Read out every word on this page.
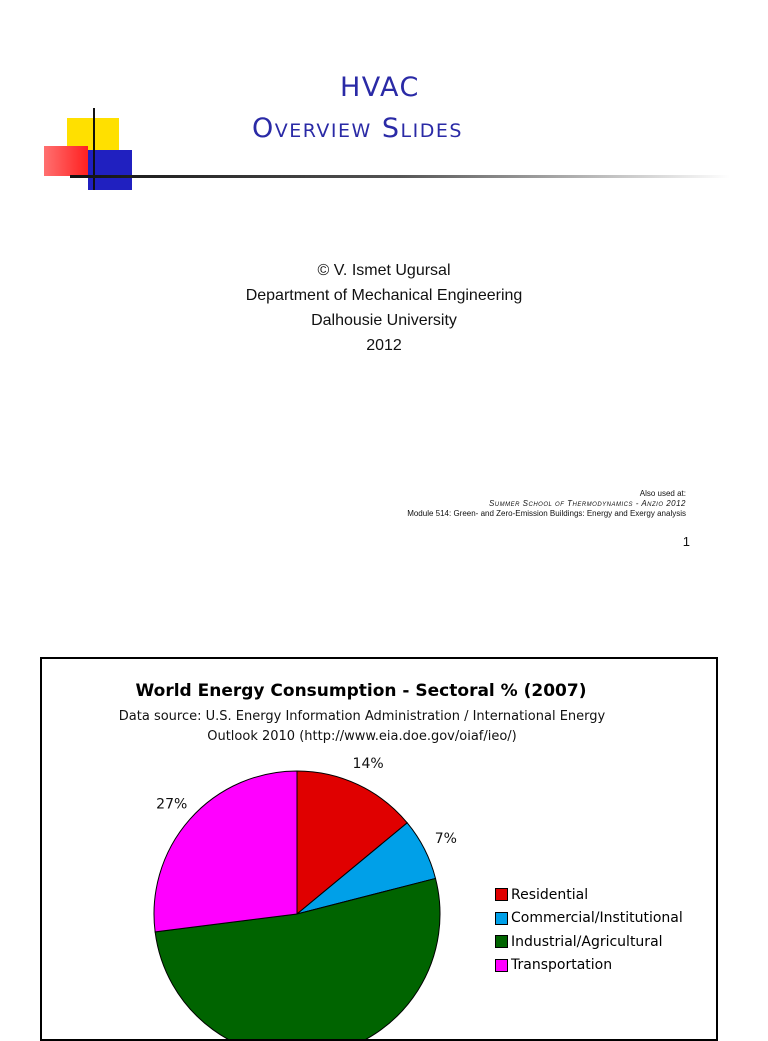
HVAC
Overview Slides
© V. Ismet Ugursal
Department of Mechanical Engineering
Dalhousie University
2012
Also used at:
Summer School of Thermodynamics - Anzio 2012
Module 514: Green- and Zero-Emission Buildings: Energy and Exergy analysis
1
World Energy Consumption - Sectoral % (2007)
Data source: U.S. Energy Information Administration / International Energy
Outlook 2010 (http://www.eia.doe.gov/oiaf/ieo/)
14%
7%
27%
Residential
Commercial/Institutional
Industrial/Agricultural
Transportation
